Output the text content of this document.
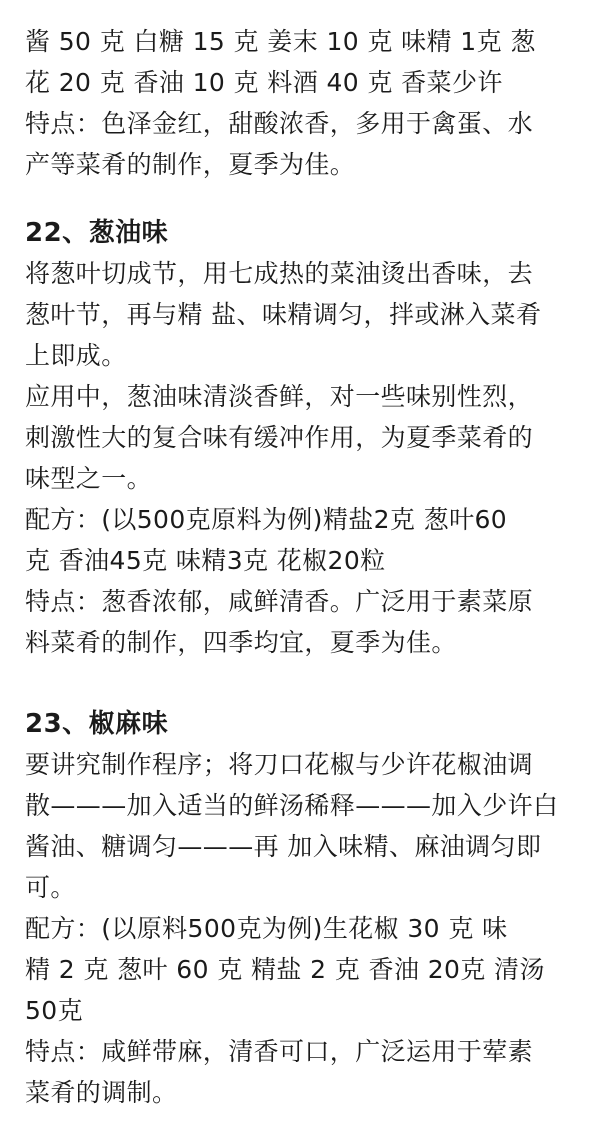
酱 50 克 白糖 15 克 姜末 10 克 味精 1克 葱
花 20 克 香油 10 克 料酒 40 克 香菜少许
特点：色泽金红，甜酸浓香，多用于禽蛋、水
产等菜肴的制作，夏季为佳。
22、葱油味
将葱叶切成节，用七成热的菜油烫出香味，去
葱叶节，再与精 盐、味精调匀，拌或淋入菜肴
上即成。
应用中，葱油味清淡香鲜，对一些味别性烈，
刺激性大的复合味有缓冲作用，为夏季菜肴的
味型之一。
配方：(以500克原料为例)精盐2克 葱叶60
克 香油45克 味精3克 花椒20粒
特点：葱香浓郁，咸鲜清香。广泛用于素菜原
料菜肴的制作，四季均宜，夏季为佳。
23、椒麻味
要讲究制作程序；将刀口花椒与少许花椒油调
散———加入适当的鲜汤稀释———加入少许白
酱油、糖调匀———再 加入味精、麻油调匀即
可。
配方：(以原料500克为例)生花椒 30 克 味
精 2 克 葱叶 60 克 精盐 2 克 香油 20克 清汤
50克
特点：咸鲜带麻，清香可口，广泛运用于荤素
菜肴的调制。
